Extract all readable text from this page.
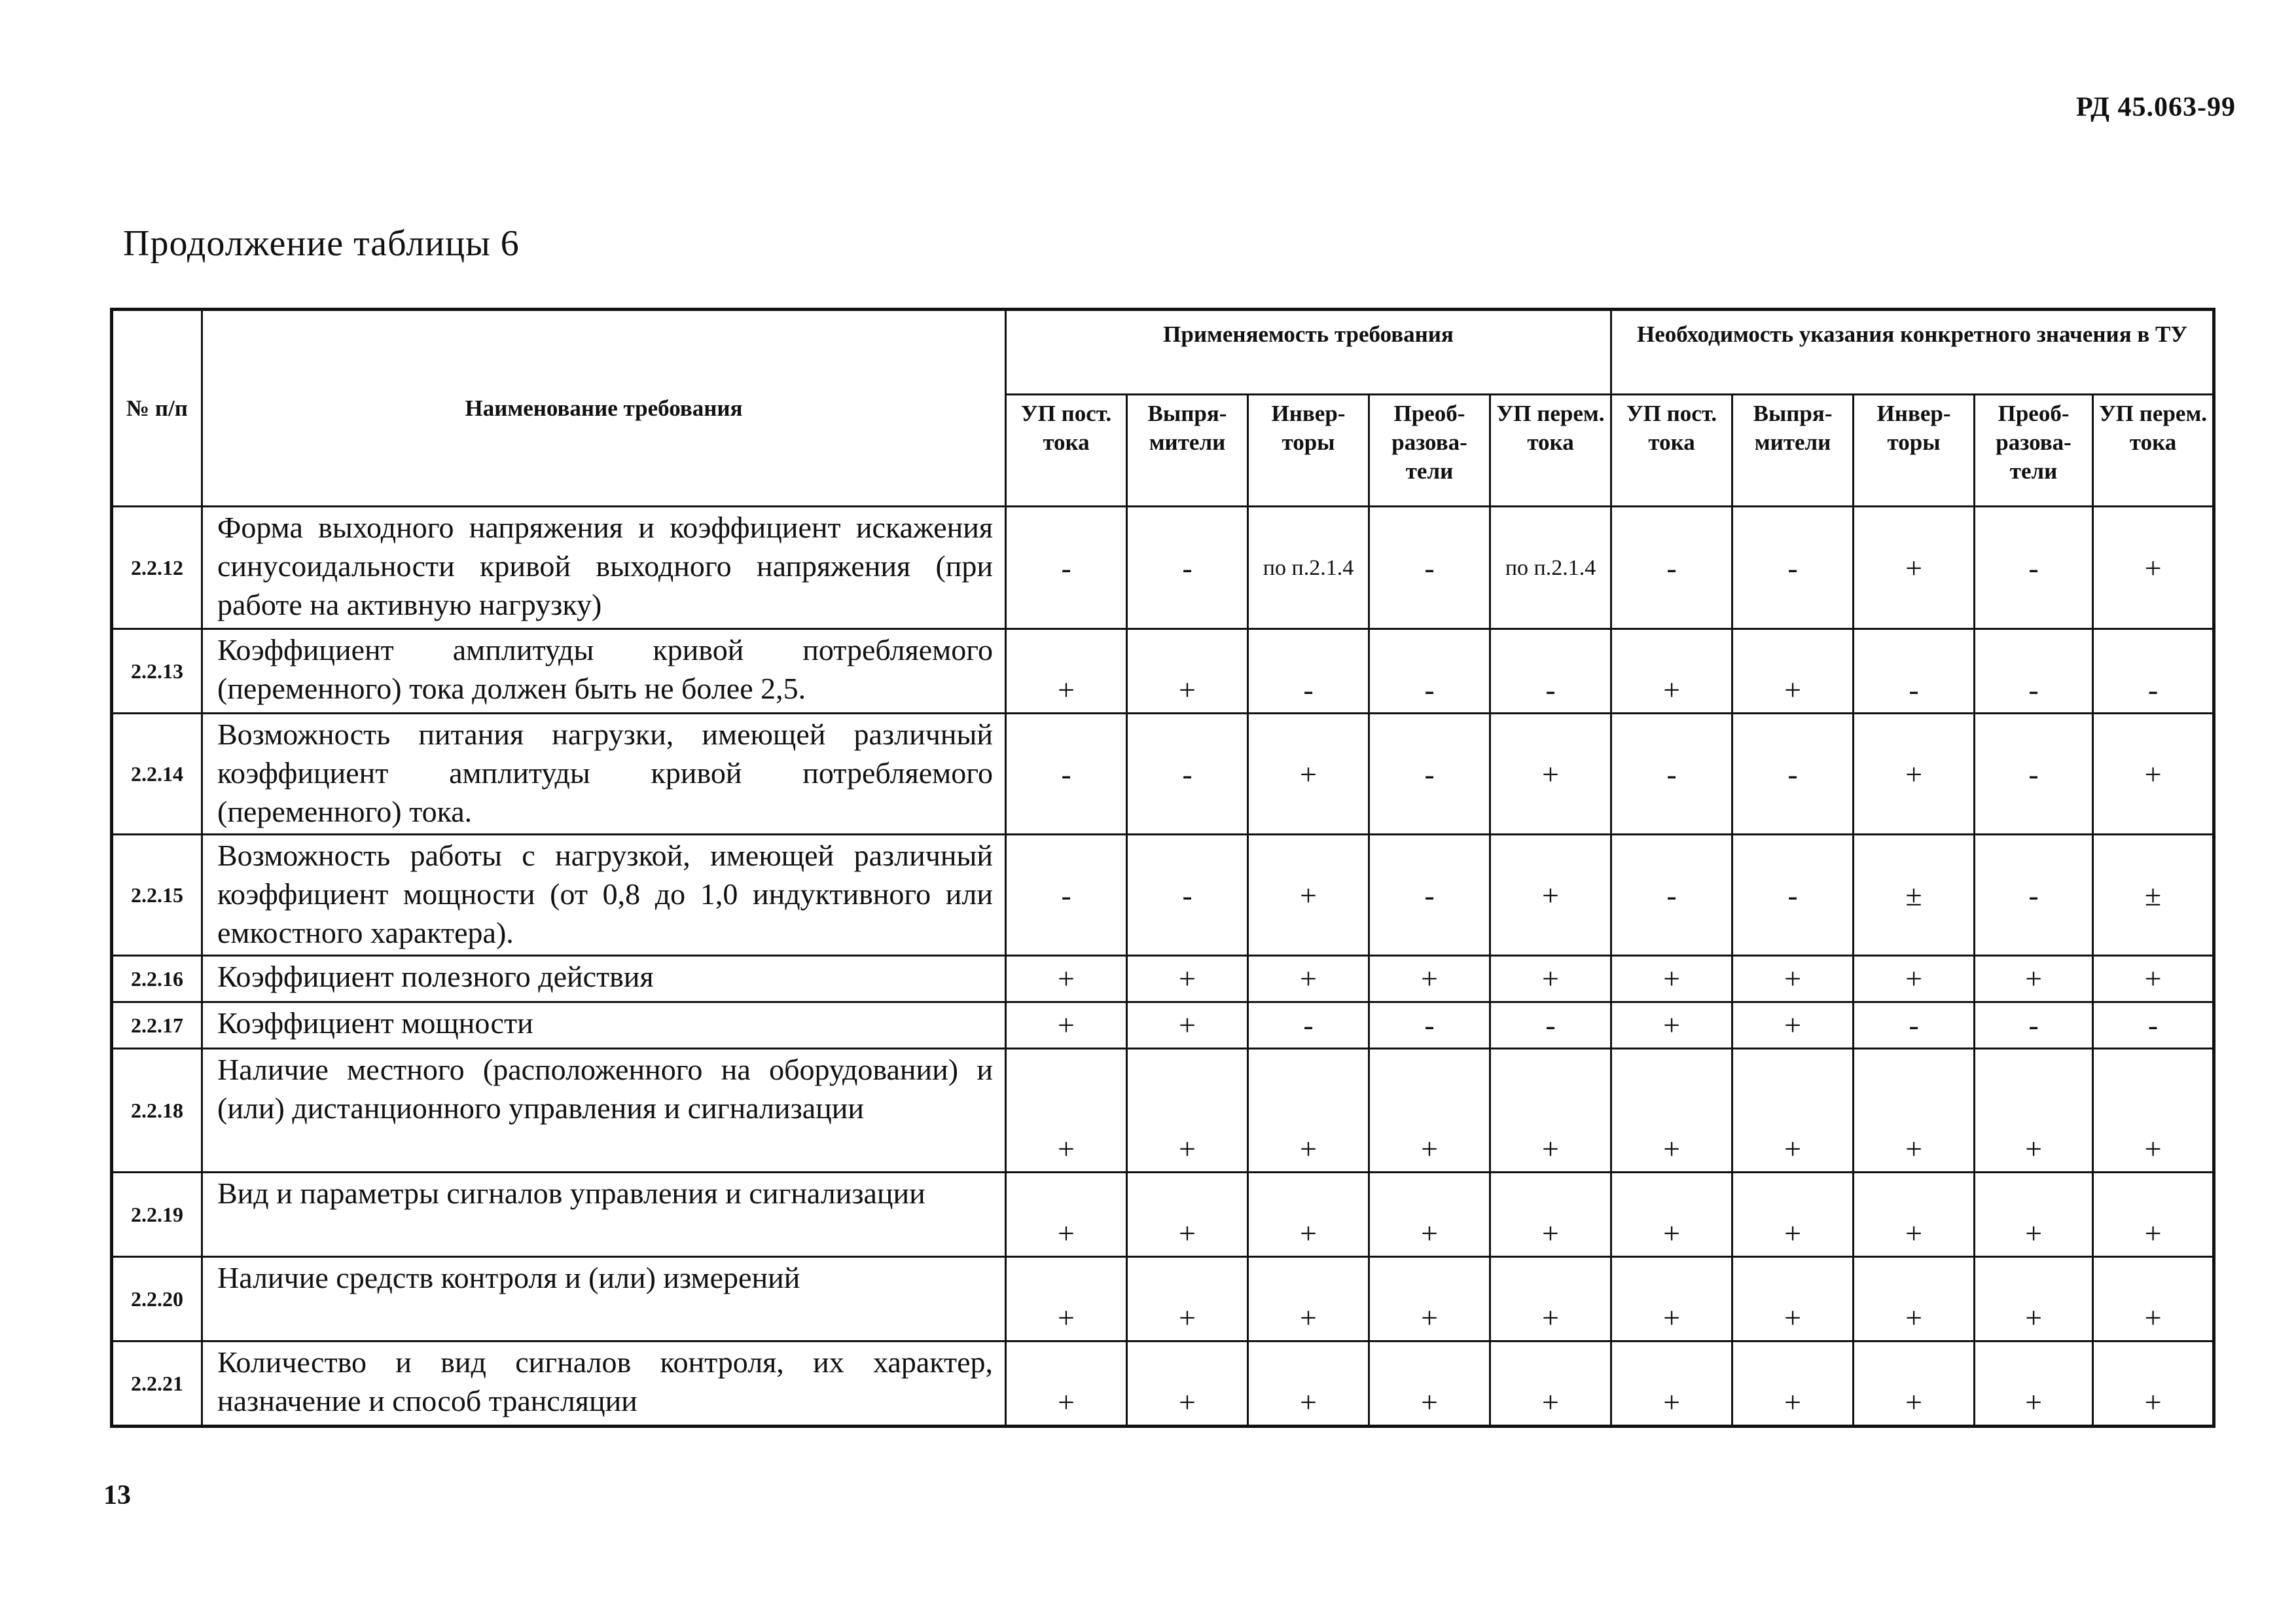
РД 45.063-99
Продолжение таблицы 6
№ п/п	Наименование требования	Применяемость требования					Необходимость указания конкретного значения в ТУ				
		УП пост. тока	Выпря-мители	Инвер-торы	Преоб-разова-тели	УП перем. тока	УП пост. тока	Выпря-мители	Инвер-торы	Преоб-разова-тели	УП перем. тока
2.2.12	Форма выходного напряжения и коэффициент искажения синусоидальности кривой выходного напряжения (при работе на активную нагрузку)	-	-	по п.2.1.4	-	по п.2.1.4	-	-	+	-	+
2.2.13	Коэффициент амплитуды кривой потребляемого (переменного) тока должен быть не более 2,5.	+	+	-	-	-	+	+	-	-	-
2.2.14	Возможность питания нагрузки, имеющей различный коэффициент амплитуды кривой потребляемого (переменного) тока.	-	-	+	-	+	-	-	+	-	+
2.2.15	Возможность работы с нагрузкой, имеющей различный коэффициент мощности (от 0,8 до 1,0 индуктивного или емкостного характера).	-	-	+	-	+	-	-	±	-	±
2.2.16	Коэффициент полезного действия	+	+	+	+	+	+	+	+	+	+
2.2.17	Коэффициент мощности	+	+	-	-	-	+	+	-	-	-
2.2.18	Наличие местного (расположенного на оборудовании) и (или) дистанционного управления и сигнализации	+	+	+	+	+	+	+	+	+	+
2.2.19	Вид и параметры сигналов управления и сигнализации	+	+	+	+	+	+	+	+	+	+
2.2.20	Наличие средств контроля и (или) измерений	+	+	+	+	+	+	+	+	+	+
2.2.21	Количество и вид сигналов контроля, их характер, назначение и способ трансляции	+	+	+	+	+	+	+	+	+	+
13
